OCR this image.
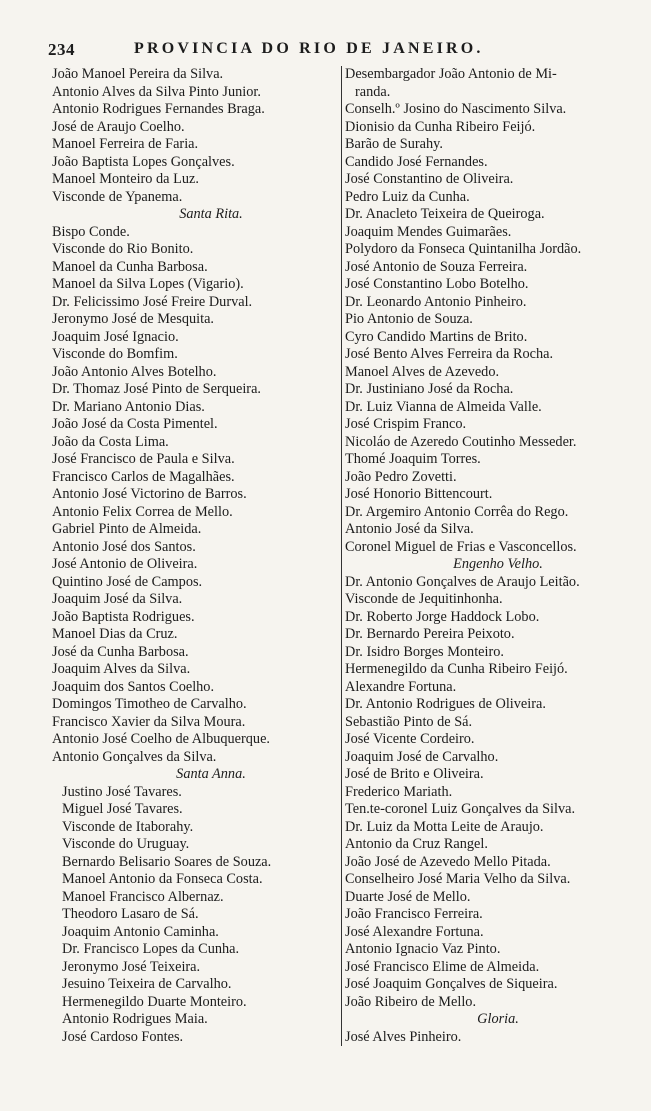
234	PROVINCIA DO RIO DE JANEIRO.
João Manoel Pereira da Silva.
Antonio Alves da Silva Pinto Junior.
Antonio Rodrigues Fernandes Braga.
José de Araujo Coelho.
Manoel Ferreira de Faria.
João Baptista Lopes Gonçalves.
Manoel Monteiro da Luz.
Visconde de Ypanema.
Santa Rita.
Bispo Conde.
Visconde do Rio Bonito.
Manoel da Cunha Barbosa.
Manoel da Silva Lopes (Vigario).
Dr. Felicissimo José Freire Durval.
Jeronymo José de Mesquita.
Joaquim José Ignacio.
Visconde do Bomfim.
João Antonio Alves Botelho.
Dr. Thomaz José Pinto de Serqueira.
Dr. Mariano Antonio Dias.
João José da Costa Pimentel.
João da Costa Lima.
José Francisco de Paula e Silva.
Francisco Carlos de Magalhães.
Antonio José Victorino de Barros.
Antonio Felix Correa de Mello.
Gabriel Pinto de Almeida.
Antonio José dos Santos.
José Antonio de Oliveira.
Quintino José de Campos.
Joaquim José da Silva.
João Baptista Rodrigues.
Manoel Dias da Cruz.
José da Cunha Barbosa.
Joaquim Alves da Silva.
Joaquim dos Santos Coelho.
Domingos Timotheo de Carvalho.
Francisco Xavier da Silva Moura.
Antonio José Coelho de Albuquerque.
Antonio Gonçalves da Silva.
Santa Anna.
Justino José Tavares.
Miguel José Tavares.
Visconde de Itaborahy.
Visconde do Uruguay.
Bernardo Belisario Soares de Souza.
Manoel Antonio da Fonseca Costa.
Manoel Francisco Albernaz.
Theodoro Lasaro de Sá.
Joaquim Antonio Caminha.
Dr. Francisco Lopes da Cunha.
Jeronymo José Teixeira.
Jesuino Teixeira de Carvalho.
Hermenegildo Duarte Monteiro.
Antonio Rodrigues Maia.
José Cardoso Fontes.
Desembargador João Antonio de Mi-
randa.
Conselh.º Josino do Nascimento Silva.
Dionisio da Cunha Ribeiro Feijó.
Barão de Surahy.
Candido José Fernandes.
José Constantino de Oliveira.
Pedro Luiz da Cunha.
Dr. Anacleto Teixeira de Queiroga.
Joaquim Mendes Guimarães.
Polydoro da Fonseca Quintanilha Jordão.
José Antonio de Souza Ferreira.
José Constantino Lobo Botelho.
Dr. Leonardo Antonio Pinheiro.
Pio Antonio de Souza.
Cyro Candido Martins de Brito.
José Bento Alves Ferreira da Rocha.
Manoel Alves de Azevedo.
Dr. Justiniano José da Rocha.
Dr. Luiz Vianna de Almeida Valle.
José Crispim Franco.
Nicoláo de Azeredo Coutinho Messeder.
Thomé Joaquim Torres.
João Pedro Zovetti.
José Honorio Bittencourt.
Dr. Argemiro Antonio Corrêa do Rego.
Antonio José da Silva.
Coronel Miguel de Frias e Vasconcellos.
Engenho Velho.
Dr. Antonio Gonçalves de Araujo Leitão.
Visconde de Jequitinhonha.
Dr. Roberto Jorge Haddock Lobo.
Dr. Bernardo Pereira Peixoto.
Dr. Isidro Borges Monteiro.
Hermenegildo da Cunha Ribeiro Feijó.
Alexandre Fortuna.
Dr. Antonio Rodrigues de Oliveira.
Sebastião Pinto de Sá.
José Vicente Cordeiro.
Joaquim José de Carvalho.
José de Brito e Oliveira.
Frederico Mariath.
Ten.te-coronel Luiz Gonçalves da Silva.
Dr. Luiz da Motta Leite de Araujo.
Antonio da Cruz Rangel.
João José de Azevedo Mello Pitada.
Conselheiro José Maria Velho da Silva.
Duarte José de Mello.
João Francisco Ferreira.
José Alexandre Fortuna.
Antonio Ignacio Vaz Pinto.
José Francisco Elime de Almeida.
José Joaquim Gonçalves de Siqueira.
João Ribeiro de Mello.
Gloria.
José Alves Pinheiro.
